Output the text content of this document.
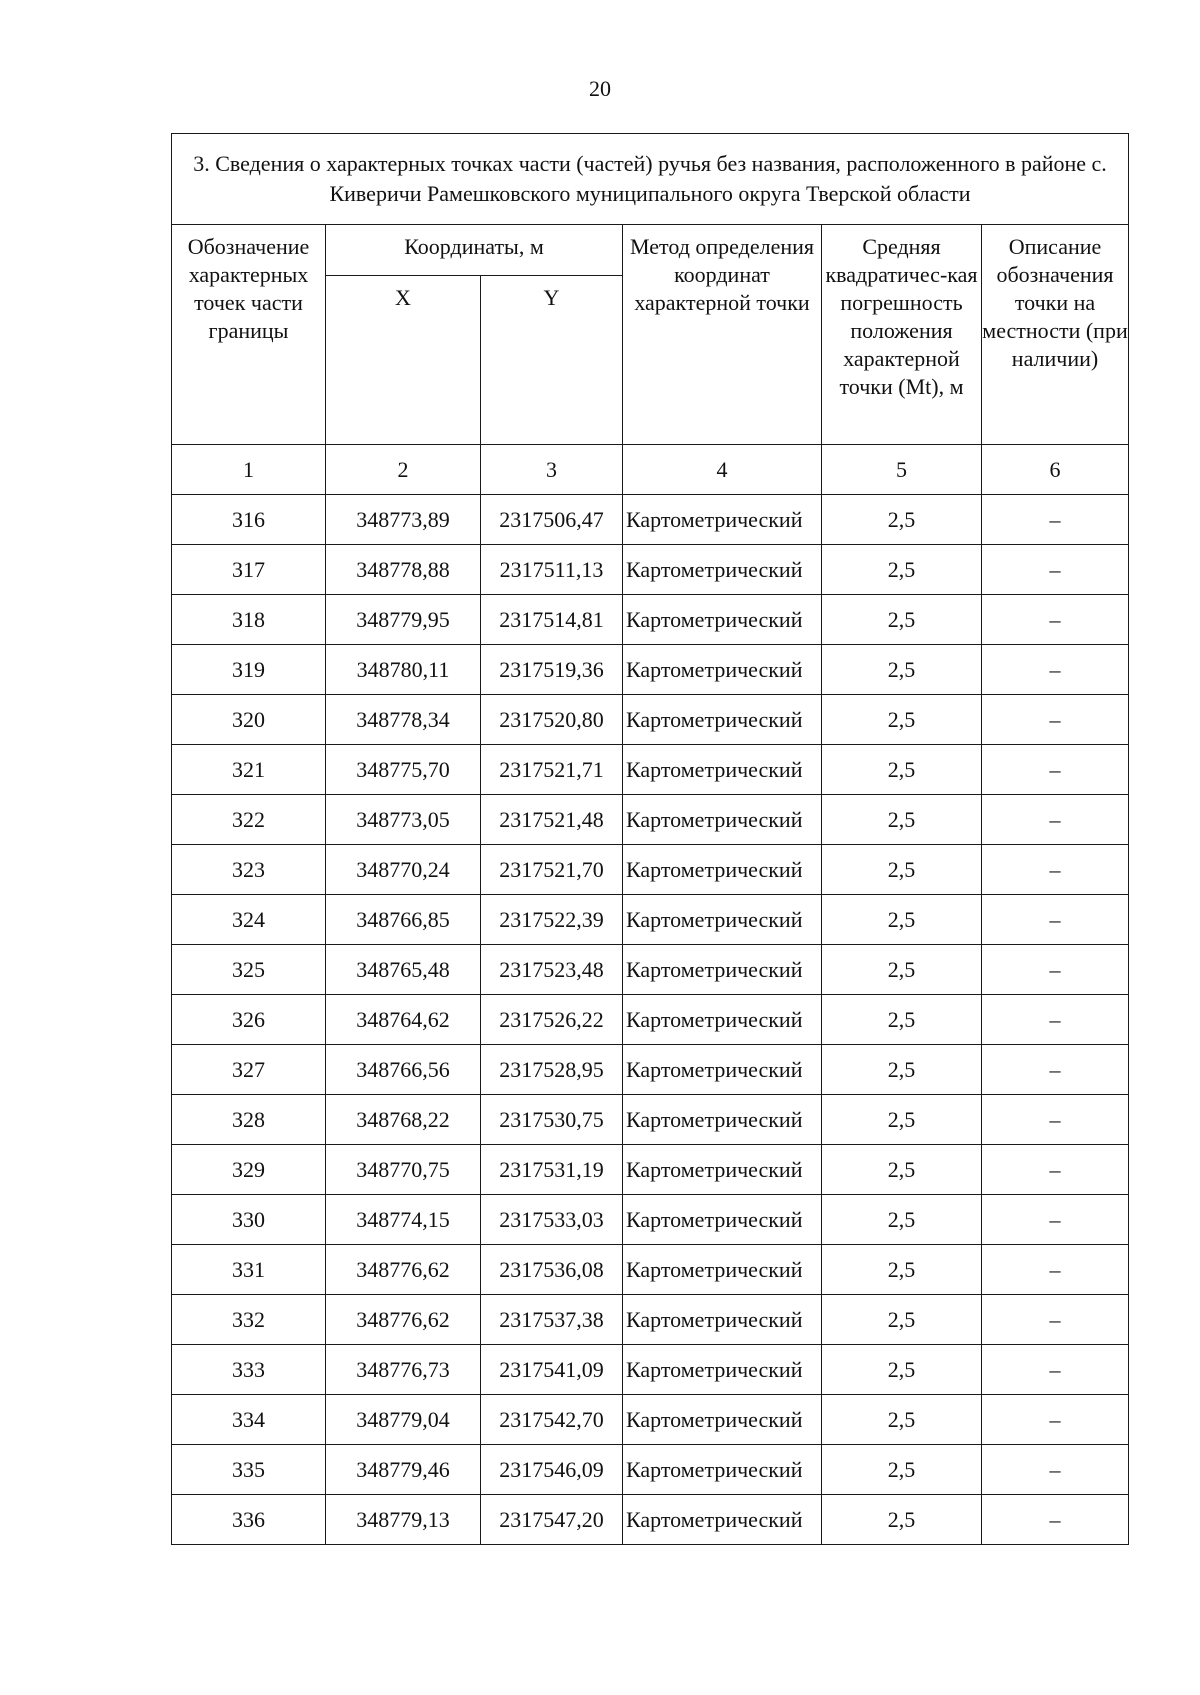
20
3. Сведения о характерных точках части (частей) ручья без названия, расположенного в районе с. Киверичи Рамешковского муниципального округа Тверской области					
Обозначение характерных точек части границы	Координаты, м		Метод определения координат характерной точки	Средняя квадратичес-кая погрешность положения характерной точки (Mt), м	Описание обозначения точки на местности (при наличии)
	X	Y			
1	2	3	4	5	6
316	348773,89	2317506,47	Картометрический	2,5	–
317	348778,88	2317511,13	Картометрический	2,5	–
318	348779,95	2317514,81	Картометрический	2,5	–
319	348780,11	2317519,36	Картометрический	2,5	–
320	348778,34	2317520,80	Картометрический	2,5	–
321	348775,70	2317521,71	Картометрический	2,5	–
322	348773,05	2317521,48	Картометрический	2,5	–
323	348770,24	2317521,70	Картометрический	2,5	–
324	348766,85	2317522,39	Картометрический	2,5	–
325	348765,48	2317523,48	Картометрический	2,5	–
326	348764,62	2317526,22	Картометрический	2,5	–
327	348766,56	2317528,95	Картометрический	2,5	–
328	348768,22	2317530,75	Картометрический	2,5	–
329	348770,75	2317531,19	Картометрический	2,5	–
330	348774,15	2317533,03	Картометрический	2,5	–
331	348776,62	2317536,08	Картометрический	2,5	–
332	348776,62	2317537,38	Картометрический	2,5	–
333	348776,73	2317541,09	Картометрический	2,5	–
334	348779,04	2317542,70	Картометрический	2,5	–
335	348779,46	2317546,09	Картометрический	2,5	–
336	348779,13	2317547,20	Картометрический	2,5	–
